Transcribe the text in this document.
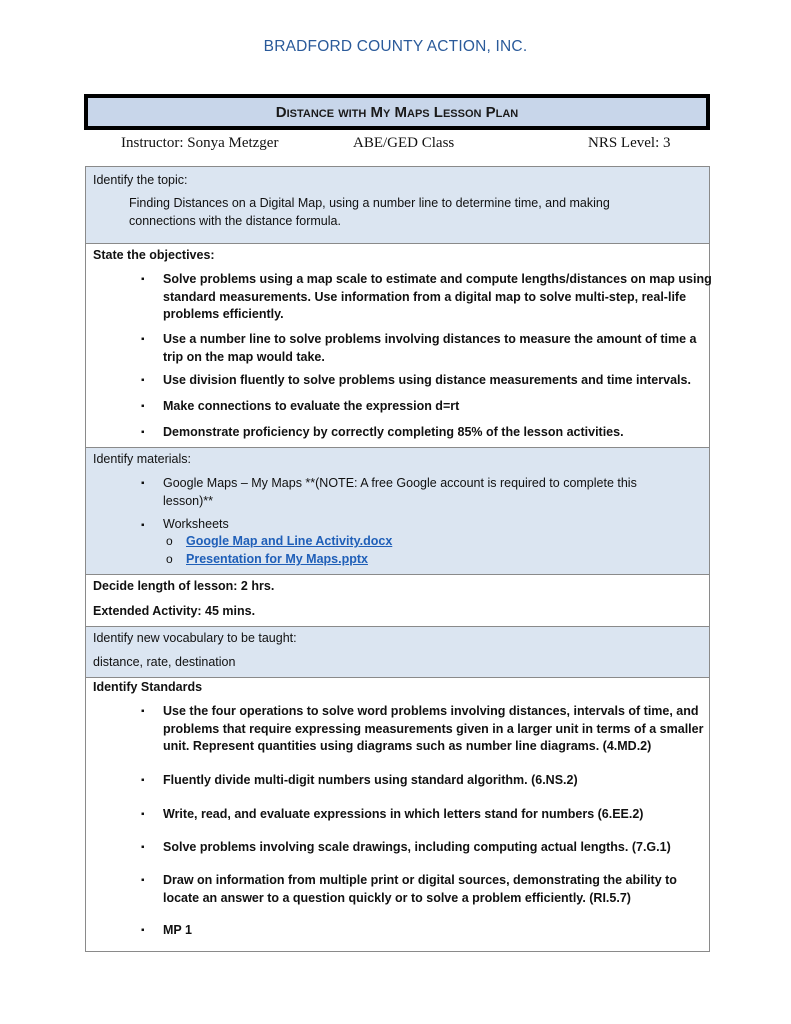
BRADFORD COUNTY ACTION, INC.
Distance with My Maps Lesson Plan
Instructor: Sonya Metzger	ABE/GED Class	NRS Level: 3
Identify the topic:
Finding Distances on a Digital Map, using a number line to determine time, and making
connections with the distance formula.
State the objectives:
▪ Solve problems using a map scale to estimate and compute lengths/distances on map using
standard measurements. Use information from a digital map to solve multi-step, real-life
problems efficiently.
▪ Use a number line to solve problems involving distances to measure the amount of time a
trip on the map would take.
▪ Use division fluently to solve problems using distance measurements and time intervals.
▪ Make connections to evaluate the expression d=rt
▪ Demonstrate proficiency by correctly completing 85% of the lesson activities.
Identify materials:
▪ Google Maps – My Maps **(NOTE: A free Google account is required to complete this
lesson)**
▪ Worksheets
o Google Map and Line Activity.docx
o Presentation for My Maps.pptx
Decide length of lesson: 2 hrs.
Extended Activity: 45 mins.
Identify new vocabulary to be taught:
distance, rate, destination
Identify Standards
▪ Use the four operations to solve word problems involving distances, intervals of time, and
problems that require expressing measurements given in a larger unit in terms of a smaller
unit. Represent quantities using diagrams such as number line diagrams. (4.MD.2)
▪ Fluently divide multi-digit numbers using standard algorithm. (6.NS.2)
▪ Write, read, and evaluate expressions in which letters stand for numbers (6.EE.2)
▪ Solve problems involving scale drawings, including computing actual lengths. (7.G.1)
▪ Draw on information from multiple print or digital sources, demonstrating the ability to
locate an answer to a question quickly or to solve a problem efficiently. (RI.5.7)
▪ MP 1
